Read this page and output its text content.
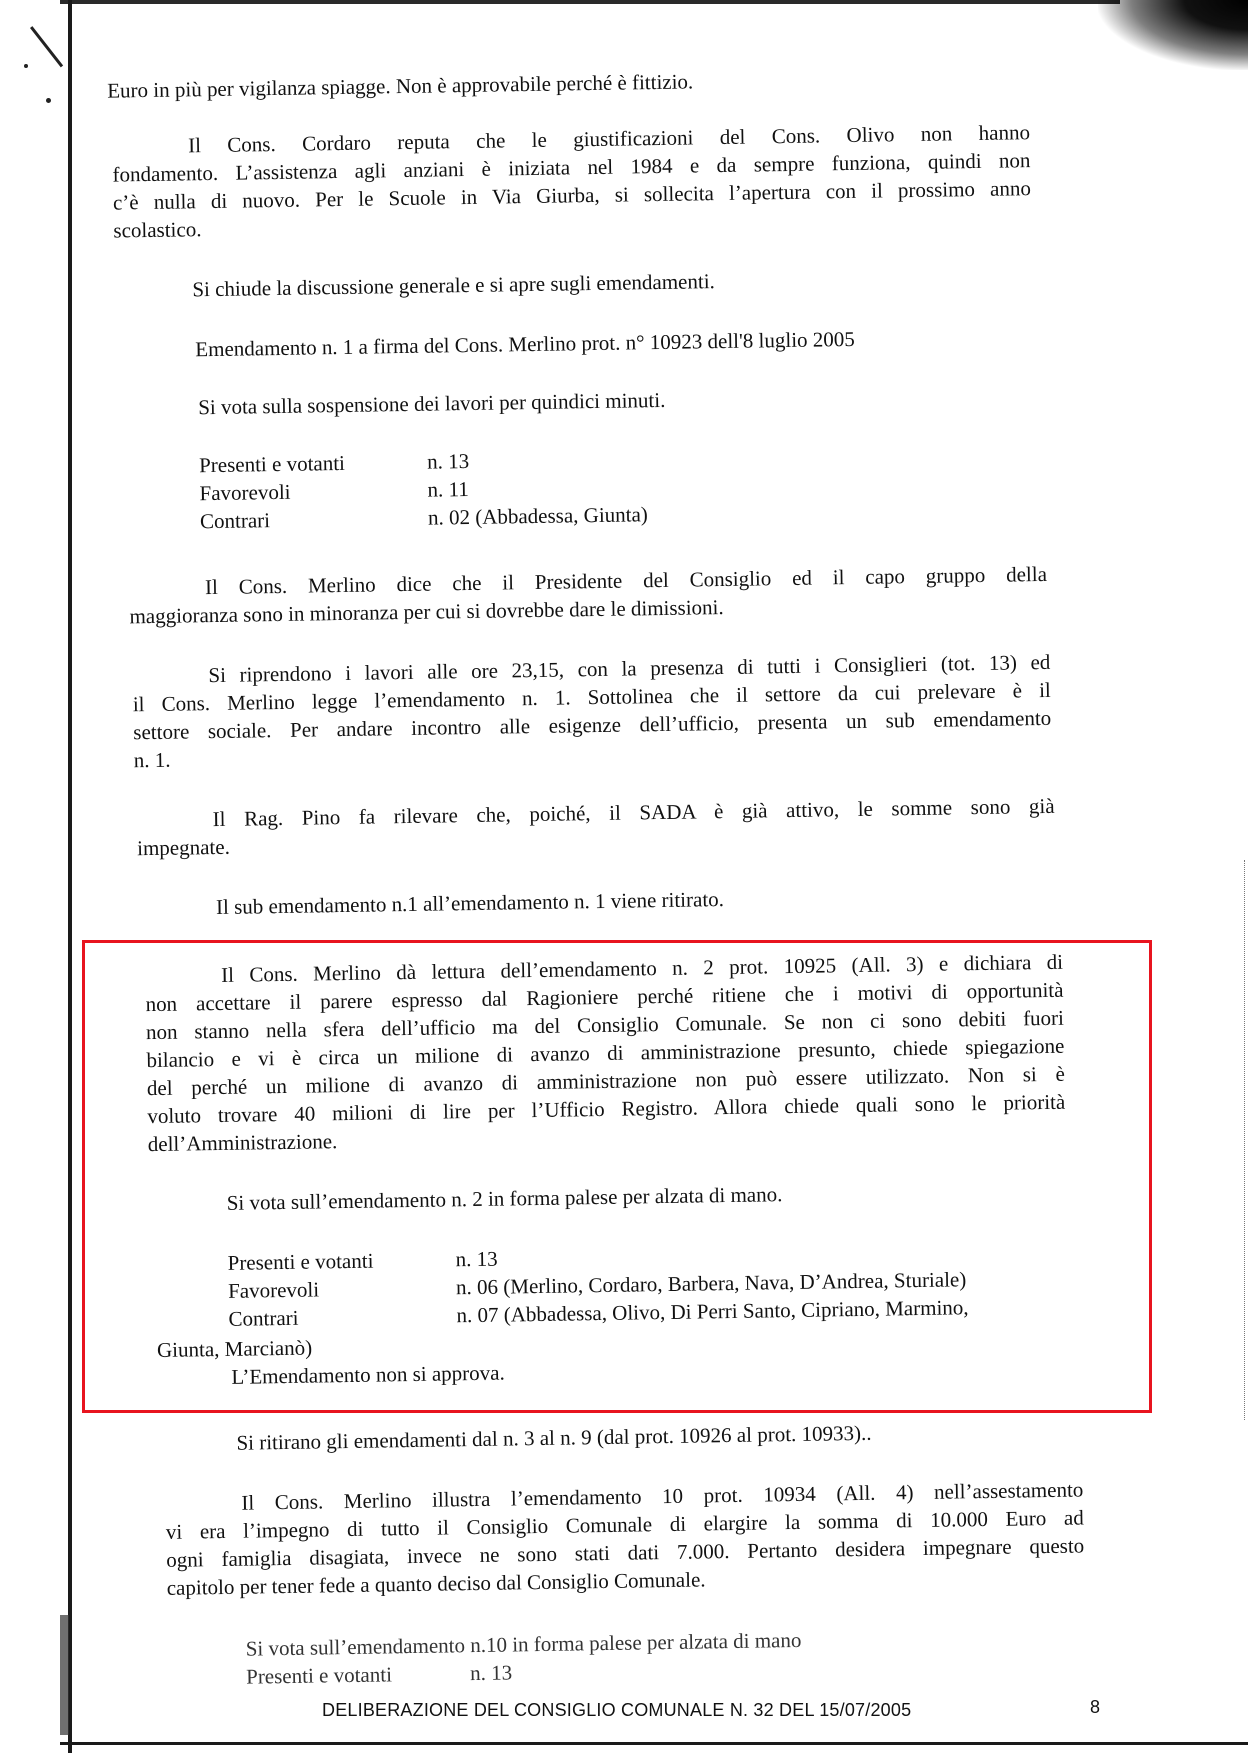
Euro in più per vigilanza spiagge. Non è approvabile perché è fittizio.

Il Cons. Cordaro reputa che le giustificazioni del Cons. Olivo non hanno

fondamento. L’assistenza agli anziani è iniziata nel 1984 e da sempre funziona, quindi non

c’è nulla di nuovo. Per le Scuole in Via Giurba, si sollecita l’apertura con il prossimo anno

scolastico.

Si chiude la discussione generale e si apre sugli emendamenti.

Emendamento n. 1 a firma del Cons. Merlino prot. n° 10923 dell'8 luglio 2005

Si vota sulla sospensione dei lavori per quindici minuti.

Presenti e votanti	n. 13
Favorevoli	n. 11
Contrari	n. 02 (Abbadessa, Giunta)

Il Cons. Merlino dice che il Presidente del Consiglio ed il capo gruppo della

maggioranza sono in minoranza per cui si dovrebbe dare le dimissioni.

Si riprendono i lavori alle ore 23,15, con la presenza di tutti i Consiglieri (tot. 13) ed

il Cons. Merlino legge l’emendamento n. 1. Sottolinea che il settore da cui prelevare è il

settore sociale. Per andare incontro alle esigenze dell’ufficio, presenta un sub emendamento

n. 1.

Il Rag. Pino fa rilevare che, poiché, il SADA è già attivo, le somme sono già

impegnate.

Il sub emendamento n.1 all’emendamento n. 1 viene ritirato.

Il Cons. Merlino dà lettura dell’emendamento n. 2 prot. 10925 (All. 3) e dichiara di

non accettare il parere espresso dal Ragioniere perché ritiene che i motivi di opportunità

non stanno nella sfera dell’ufficio ma del Consiglio Comunale. Se non ci sono debiti fuori

bilancio e vi è circa un milione di avanzo di amministrazione presunto, chiede spiegazione

del perché un milione di avanzo di amministrazione non può essere utilizzato. Non si è

voluto trovare 40 milioni di lire per l’Ufficio Registro. Allora chiede quali sono le priorità

dell’Amministrazione.

Si vota sull’emendamento n. 2 in forma palese per alzata di mano.

Presenti e votanti	n. 13
Favorevoli	n. 06 (Merlino, Cordaro, Barbera, Nava, D’Andrea, Sturiale)
Contrari	n. 07 (Abbadessa, Olivo, Di Perri Santo, Cipriano, Marmino,

Giunta, Marcianò)

L’Emendamento non si approva.

Si ritirano gli emendamenti dal n. 3 al n. 9 (dal prot. 10926 al prot. 10933)..

Il Cons. Merlino illustra l’emendamento 10 prot. 10934 (All. 4) nell’assestamento

vi era l’impegno di tutto il Consiglio Comunale di elargire la somma di 10.000 Euro ad

ogni famiglia disagiata, invece ne sono stati dati 7.000. Pertanto desidera impegnare questo

capitolo per tener fede a quanto deciso dal Consiglio Comunale.

Si vota sull’emendamento n.10 in forma palese per alzata di mano

Presenti e votanti	n. 13
DELIBERAZIONE DEL CONSIGLIO COMUNALE N. 32 DEL 15/07/2005	8
